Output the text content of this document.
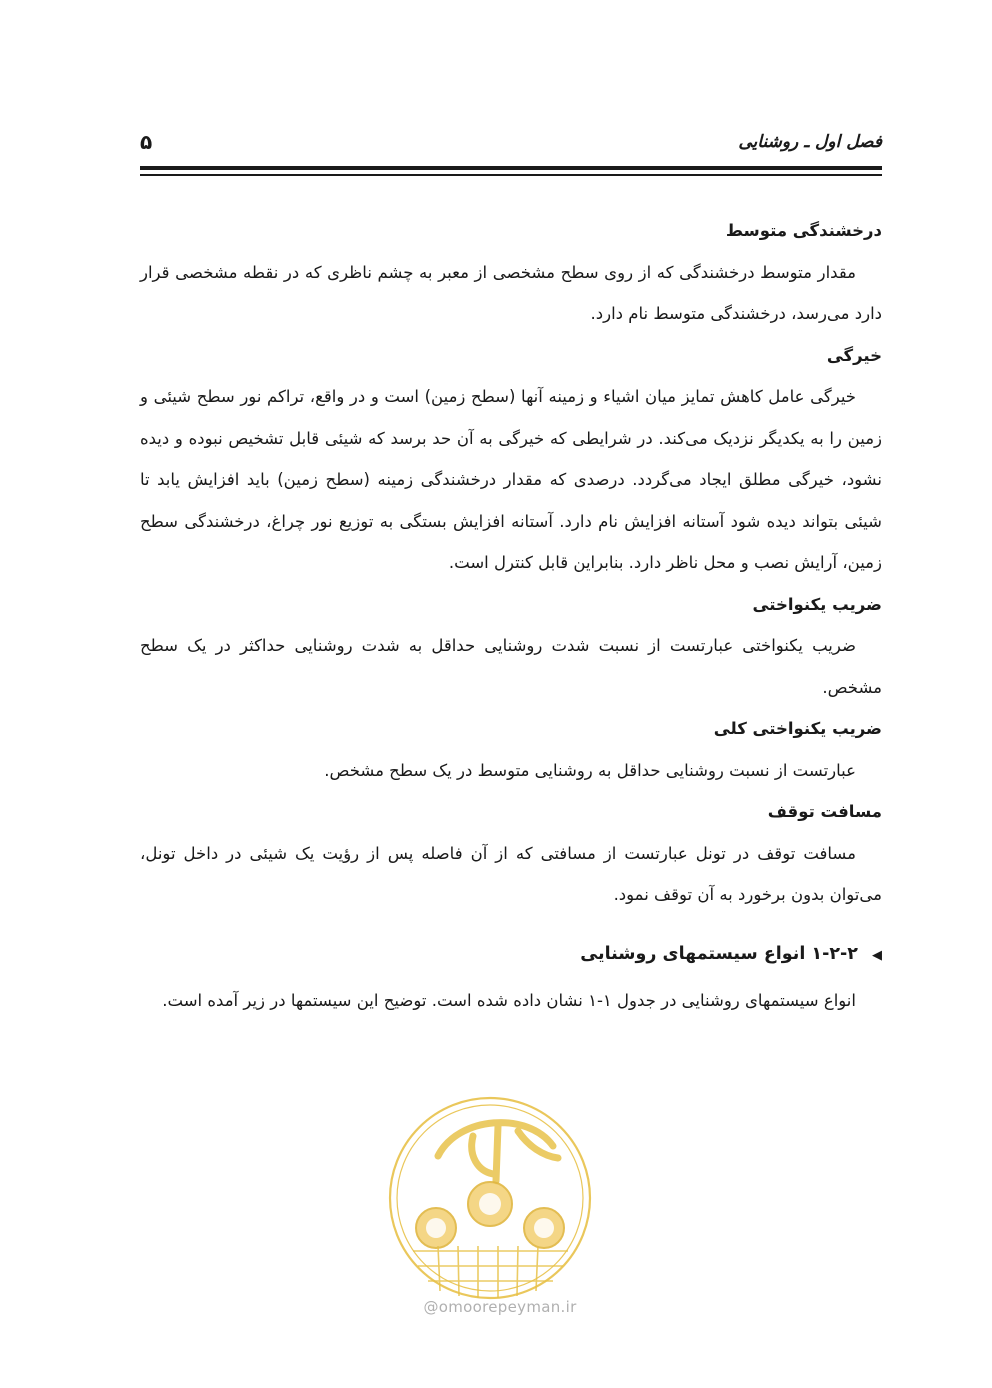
فصل اول ـ روشنایی
۵
درخشندگی متوسط

مقدار متوسط درخشندگی که از روی سطح مشخصی از معبر به چشم ناظری که در نقطه مشخصی قرار دارد می‌رسد، درخشندگی متوسط نام دارد.

خیرگی

خیرگی عامل کاهش تمایز میان اشیاء و زمینه آنها (سطح زمین) است و در واقع، تراکم نور سطح شیئی و زمین را به یکدیگر نزدیک می‌کند. در شرایطی که خیرگی به آن حد برسد که شیئی قابل تشخیص نبوده و دیده نشود، خیرگی مطلق ایجاد می‌گردد. درصدی که مقدار درخشندگی زمینه (سطح زمین) باید افزایش یابد تا شیئی بتواند دیده شود آستانه افزایش نام دارد. آستانه افزایش بستگی به توزیع نور چراغ، درخشندگی سطح زمین، آرایش نصب و محل ناظر دارد. بنابراین قابل کنترل است.

ضریب یکنواختی

ضریب یکنواختی عبارتست از نسبت شدت روشنایی حداقل به شدت روشنایی حداکثر در یک سطح مشخص.

ضریب یکنواختی کلی

عبارتست از نسبت روشنایی حداقل به روشنایی متوسط در یک سطح مشخص.

مسافت توقف

مسافت توقف در تونل عبارتست از مسافتی که از آن فاصله پس از رؤیت یک شیئی در داخل تونل، می‌توان بدون برخورد به آن توقف نمود.

◀۱-۲-۲ انواع سیستمهای روشنایی

انواع سیستمهای روشنایی در جدول ۱-۱ نشان داده شده است. توضیح این سیستمها در زیر آمده است.

@omoorepeyman.ir
